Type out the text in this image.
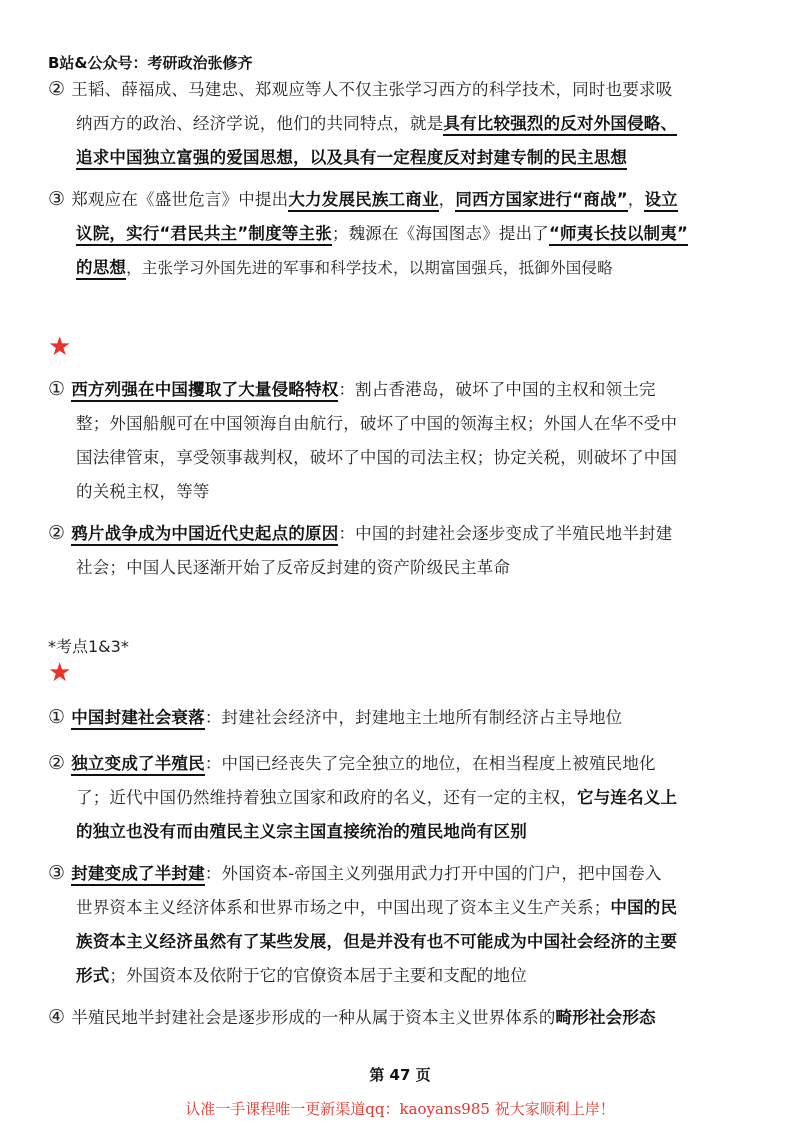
B站&公众号：考研政治张修齐
② 王韬、薛福成、马建忠、郑观应等人不仅主张学习西方的科学技术，同时也要求吸
纳西方的政治、经济学说，他们的共同特点，就是具有比较强烈的反对外国侵略、
追求中国独立富强的爱国思想，以及具有一定程度反对封建专制的民主思想
③ 郑观应在《盛世危言》中提出大力发展民族工商业，同西方国家进行“商战”，设立
议院，实行“君民共主”制度等主张；魏源在《海国图志》提出了“师夷长技以制夷”
的思想，主张学习外国先进的军事和科学技术，以期富国强兵，抵御外国侵略
★
① 西方列强在中国攫取了大量侵略特权：割占香港岛，破坏了中国的主权和领土完
整；外国船舰可在中国领海自由航行，破坏了中国的领海主权；外国人在华不受中
国法律管束，享受领事裁判权，破坏了中国的司法主权；协定关税，则破坏了中国
的关税主权，等等
② 鸦片战争成为中国近代史起点的原因：中国的封建社会逐步变成了半殖民地半封建
社会；中国人民逐渐开始了反帝反封建的资产阶级民主革命
*考点1&3*
★
① 中国封建社会衰落：封建社会经济中，封建地主土地所有制经济占主导地位
② 独立变成了半殖民：中国已经丧失了完全独立的地位，在相当程度上被殖民地化
了；近代中国仍然维持着独立国家和政府的名义，还有一定的主权，它与连名义上
的独立也没有而由殖民主义宗主国直接统治的殖民地尚有区别
③ 封建变成了半封建：外国资本-帝国主义列强用武力打开中国的门户，把中国卷入
世界资本主义经济体系和世界市场之中，中国出现了资本主义生产关系；中国的民
族资本主义经济虽然有了某些发展，但是并没有也不可能成为中国社会经济的主要
形式；外国资本及依附于它的官僚资本居于主要和支配的地位
④ 半殖民地半封建社会是逐步形成的一种从属于资本主义世界体系的畸形社会形态
第 47 页
认准一手课程唯一更新渠道qq：kaoyans985 祝大家顺利上岸！
